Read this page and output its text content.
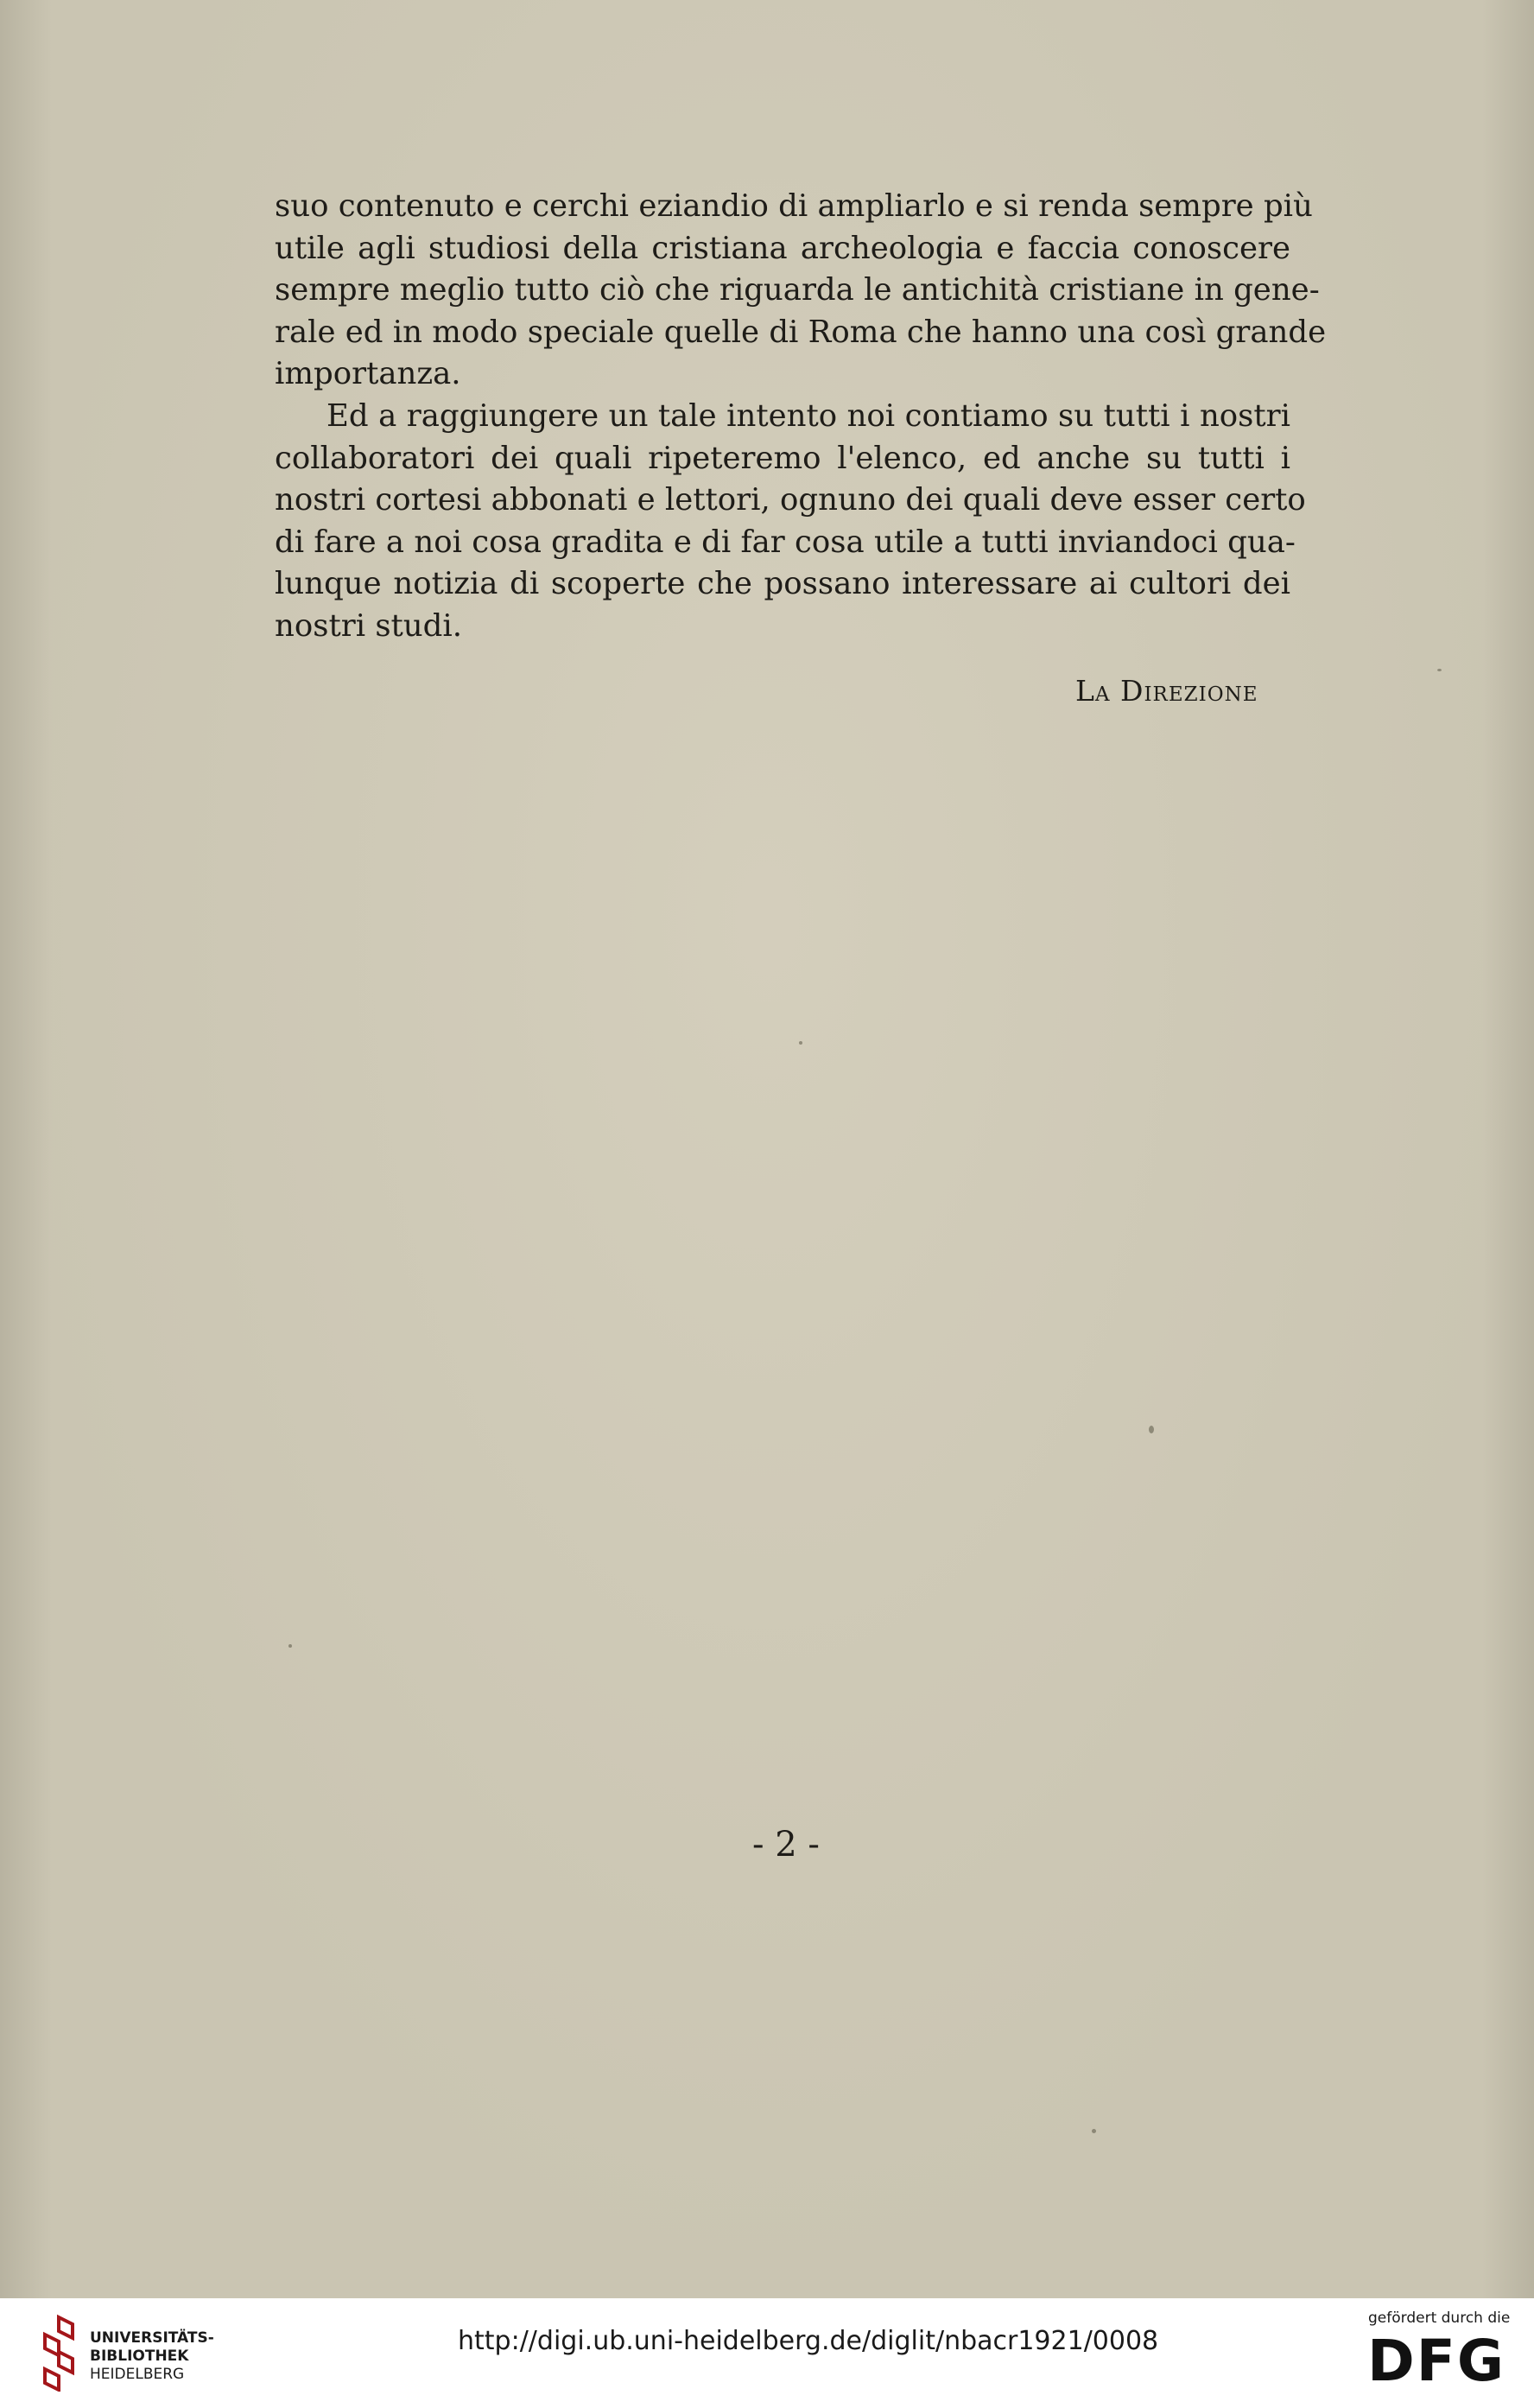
suo contenuto e cerchi eziandio di ampliarlo e si renda sempre più
utile agli studiosi della cristiana archeologia e faccia conoscere
sempre meglio tutto ciò che riguarda le antichità cristiane in gene-
rale ed in modo speciale quelle di Roma che hanno una così grande
importanza.

Ed a raggiungere un tale intento noi contiamo su tutti i nostri
collaboratori dei quali ripeteremo l'elenco, ed anche su tutti i
nostri cortesi abbonati e lettori, ognuno dei quali deve esser certo
di fare a noi cosa gradita e di far cosa utile a tutti inviandoci qua-
lunque notizia di scoperte che possano interessare ai cultori dei
nostri studi.

La Direzione
- 2 -
UNIVERSITÄTS-
BIBLIOTHEK
HEIDELBERG
http://digi.ub.uni-heidelberg.de/diglit/nbacr1921/0008
gefördert durch die
DFG
